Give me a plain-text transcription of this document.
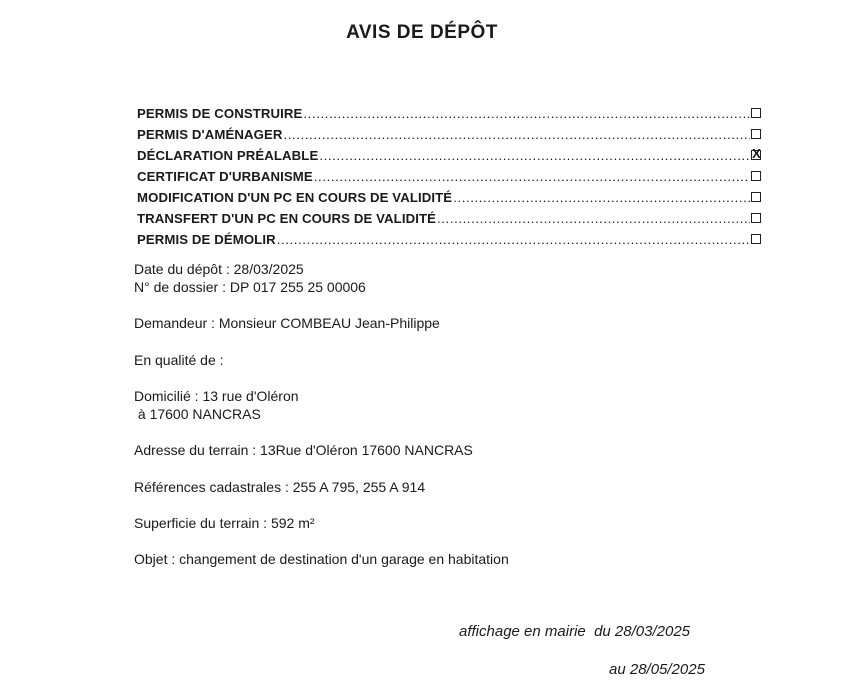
AVIS DE DÉPÔT
PERMIS DE CONSTRUIRE
.....
PERMIS D'AMÉNAGER
.....
DÉCLARATION PRÉALABLE
.....	X
CERTIFICAT D'URBANISME
.....
MODIFICATION D'UN PC EN COURS DE VALIDITÉ
.....
TRANSFERT D'UN PC EN COURS DE VALIDITÉ
.....
PERMIS DE DÉMOLIR
.....
Date du dépôt : 28/03/2025
N° de dossier : DP 017 255 25 00006
Demandeur : Monsieur COMBEAU Jean-Philippe
En qualité de :
Domicilié : 13 rue d'Oléron
à 17600 NANCRAS
Adresse du terrain : 13Rue d'Oléron 17600 NANCRAS
Références cadastrales : 255 A 795, 255 A 914
Superficie du terrain : 592 m²
Objet : changement de destination d'un garage en habitation
affichage en mairie  du 28/03/2025
au 28/05/2025
